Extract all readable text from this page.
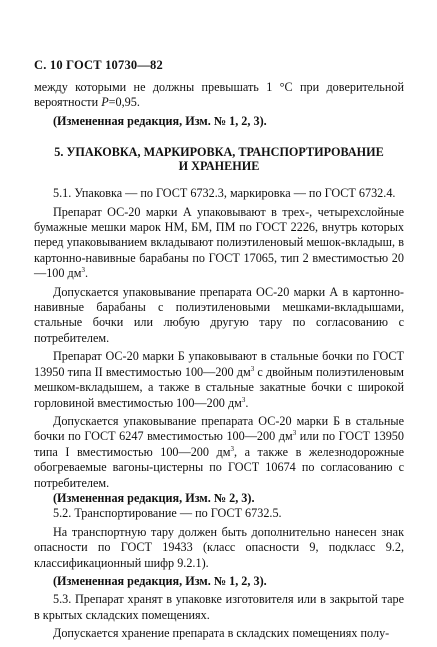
С. 10 ГОСТ 10730—82

между которыми не должны превышать 1 °С при доверительной вероятности Р=0,95.

(Измененная редакция, Изм. № 1, 2, 3).

5. УПАКОВКА, МАРКИРОВКА, ТРАНСПОРТИРОВАНИЕ
И ХРАНЕНИЕ

5.1. Упаковка — по ГОСТ 6732.3, маркировка — по ГОСТ 6732.4.

Препарат ОС-20 марки А упаковывают в трех-, четырехслойные бумажные мешки марок НМ, БМ, ПМ по ГОСТ 2226, внутрь которых перед упаковыванием вкладывают полиэтиленовый мешок-вкладыш, в картонно-навивные барабаны по ГОСТ 17065, тип 2 вместимостью 20—100 $дм^3$.

Допускается упаковывание препарата ОС-20 марки А в картонно-навивные барабаны с полиэтиленовыми мешками-вкладышами, стальные бочки или любую другую тару по согласованию с потребителем.

Препарат ОС-20 марки Б упаковывают в стальные бочки по ГОСТ 13950 типа II вместимостью 100—200 $дм^3$ с двойным полиэтиленовым мешком-вкладышем, а также в стальные закатные бочки с широкой горловиной вместимостью 100—200 $дм^3$.

Допускается упаковывание препарата ОС-20 марки Б в стальные бочки по ГОСТ 6247 вместимостью 100—200 $дм^3$ или по ГОСТ 13950 типа I вместимостью 100—200 $дм^3$, а также в железнодорожные обогреваемые вагоны-цистерны по ГОСТ 10674 по согласованию с потребителем.

(Измененная редакция, Изм. № 2, 3).

5.2. Транспортирование — по ГОСТ 6732.5.

На транспортную тару должен быть дополнительно нанесен знак опасности по ГОСТ 19433 (класс опасности 9, подкласс 9.2, классификационный шифр 9.2.1).

(Измененная редакция, Изм. № 1, 2, 3).

5.3. Препарат хранят в упаковке изготовителя или в закрытой таре в крытых складских помещениях.

Допускается хранение препарата в складских помещениях полу-
